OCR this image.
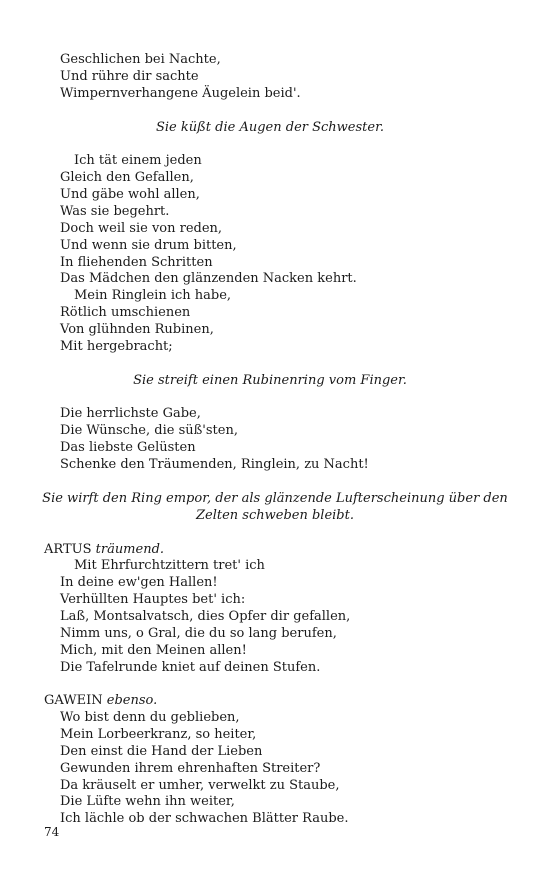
Geschlichen bei Nachte,
Und rühre dir sachte
Wimpernverhangene Äugelein beid'.
Sie küßt die Augen der Schwester.
Ich tät einem jeden
Gleich den Gefallen,
Und gäbe wohl allen,
Was sie begehrt.
Doch weil sie von reden,
Und wenn sie drum bitten,
In fliehenden Schritten
Das Mädchen den glänzenden Nacken kehrt.
Mein Ringlein ich habe,
Rötlich umschienen
Von glühnden Rubinen,
Mit hergebracht;
Sie streift einen Rubinenring vom Finger.
Die herrlichste Gabe,
Die Wünsche, die süß'sten,
Das liebste Gelüsten
Schenke den Träumenden, Ringlein, zu Nacht!
Sie wirft den Ring empor, der als glänzende Lufterscheinung über den
Zelten schweben bleibt.
ARTUS träumend.
Mit Ehrfurchtzittern tret' ich
In deine ew'gen Hallen!
Verhüllten Hauptes bet' ich:
Laß, Montsalvatsch, dies Opfer dir gefallen,
Nimm uns, o Gral, die du so lang berufen,
Mich, mit den Meinen allen!
Die Tafelrunde kniet auf deinen Stufen.
GAWEIN ebenso.
Wo bist denn du geblieben,
Mein Lorbeerkranz, so heiter,
Den einst die Hand der Lieben
Gewunden ihrem ehrenhaften Streiter?
Da kräuselt er umher, verwelkt zu Staube,
Die Lüfte wehn ihn weiter,
Ich lächle ob der schwachen Blätter Raube.
74
